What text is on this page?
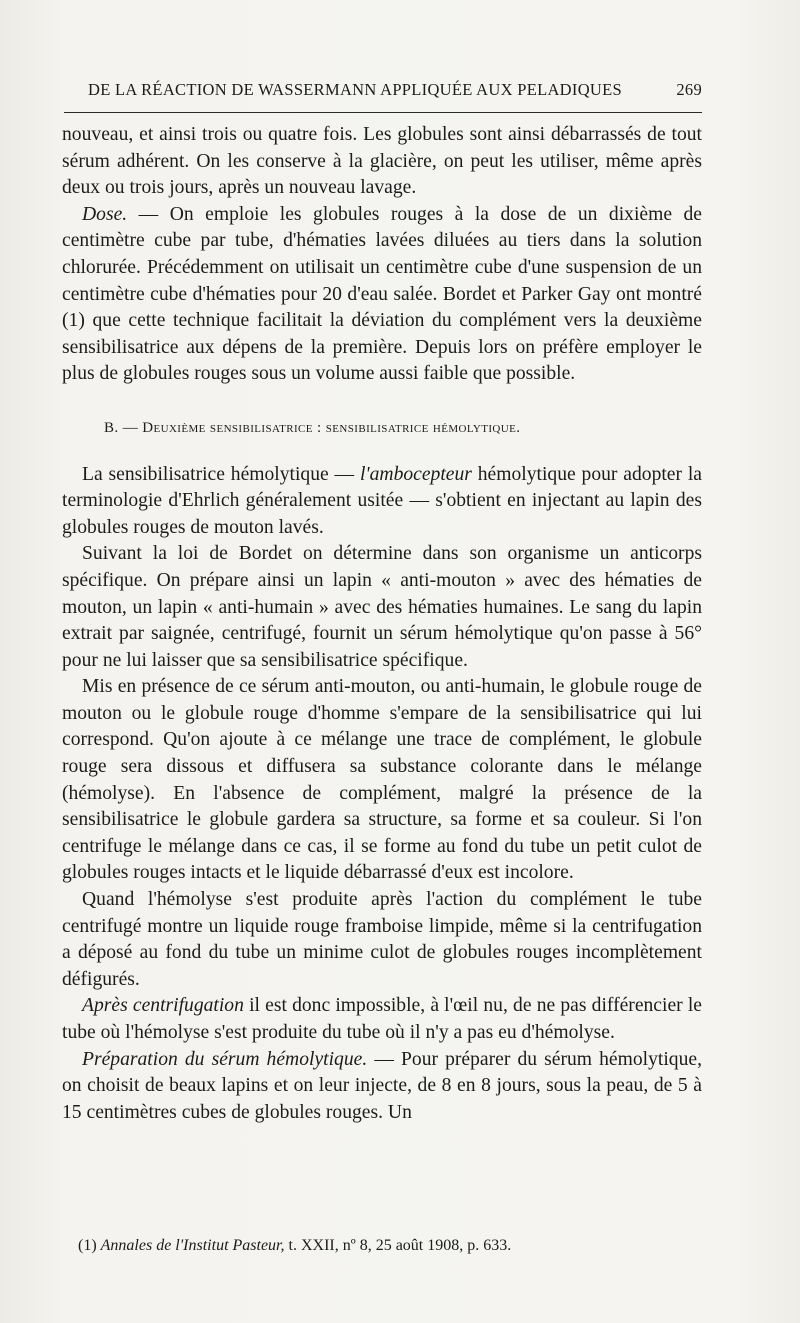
DE LA RÉACTION DE WASSERMANN APPLIQUÉE AUX PELADIQUES	269

nouveau, et ainsi trois ou quatre fois. Les globules sont ainsi débarrassés de tout sérum adhérent. On les conserve à la glacière, on peut les utiliser, même après deux ou trois jours, après un nouveau lavage.

Dose. — On emploie les globules rouges à la dose de un dixième de centimètre cube par tube, d'hématies lavées diluées au tiers dans la solution chlorurée. Précédemment on utilisait un centimètre cube d'une suspension de un centimètre cube d'hématies pour 20 d'eau salée. Bordet et Parker Gay ont montré (1) que cette technique facilitait la déviation du complément vers la deuxième sensibilisatrice aux dépens de la première. Depuis lors on préfère employer le plus de globules rouges sous un volume aussi faible que possible.

B. — Deuxième sensibilisatrice : sensibilisatrice hémolytique.

La sensibilisatrice hémolytique — l'ambocepteur hémolytique pour adopter la terminologie d'Ehrlich généralement usitée — s'obtient en injectant au lapin des globules rouges de mouton lavés.

Suivant la loi de Bordet on détermine dans son organisme un anticorps spécifique. On prépare ainsi un lapin « anti-mouton » avec des hématies de mouton, un lapin « anti-humain » avec des hématies humaines. Le sang du lapin extrait par saignée, centrifugé, fournit un sérum hémolytique qu'on passe à 56° pour ne lui laisser que sa sensibilisatrice spécifique.

Mis en présence de ce sérum anti-mouton, ou anti-humain, le globule rouge de mouton ou le globule rouge d'homme s'empare de la sensibilisatrice qui lui correspond. Qu'on ajoute à ce mélange une trace de complément, le globule rouge sera dissous et diffusera sa substance colorante dans le mélange (hémolyse). En l'absence de complément, malgré la présence de la sensibilisatrice le globule gardera sa structure, sa forme et sa couleur. Si l'on centrifuge le mélange dans ce cas, il se forme au fond du tube un petit culot de globules rouges intacts et le liquide débarrassé d'eux est incolore.

Quand l'hémolyse s'est produite après l'action du complément le tube centrifugé montre un liquide rouge framboise limpide, même si la centrifugation a déposé au fond du tube un minime culot de globules rouges incomplètement défigurés.

Après centrifugation il est donc impossible, à l'œil nu, de ne pas différencier le tube où l'hémolyse s'est produite du tube où il n'y a pas eu d'hémolyse.

Préparation du sérum hémolytique. — Pour préparer du sérum hémolytique, on choisit de beaux lapins et on leur injecte, de 8 en 8 jours, sous la peau, de 5 à 15 centimètres cubes de globules rouges. Un

(1) Annales de l'Institut Pasteur, t. XXII, nº 8, 25 août 1908, p. 633.
